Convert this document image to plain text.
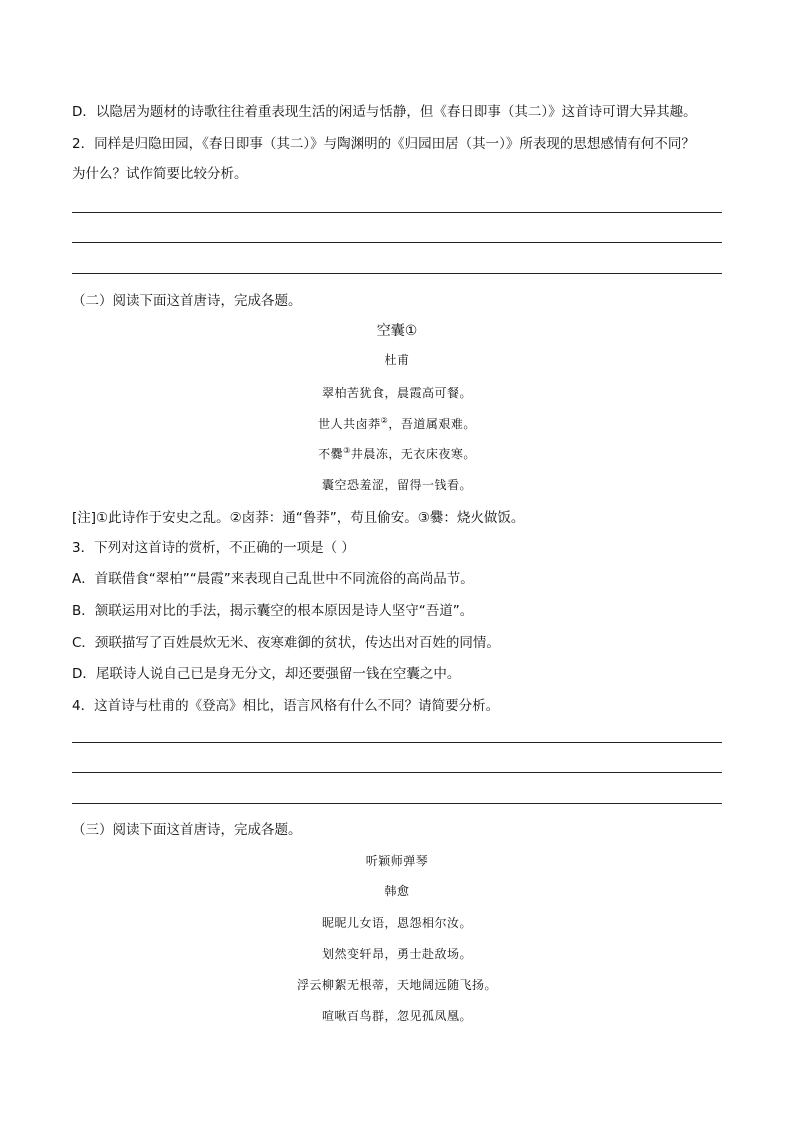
D．以隐居为题材的诗歌往往着重表现生活的闲适与恬静，但《春日即事（其二）》这首诗可谓大异其趣。
2．同样是归隐田园，《春日即事（其二）》与陶渊明的《归园田居（其一）》所表现的思想感情有何不同？
为什么？试作简要比较分析。
（二）阅读下面这首唐诗，完成各题。
空囊①
杜甫
翠柏苦犹食，晨霞高可餐。
世人共卤莽②，吾道属艰难。
不爨③井晨冻，无衣床夜寒。
囊空恐羞涩，留得一钱看。
[注]①此诗作于安史之乱。②卤莽：通“鲁莽”，苟且偷安。③爨：烧火做饭。
3．下列对这首诗的赏析，不正确的一项是（ ）
A．首联借食“翠柏”“晨霞”来表现自己乱世中不同流俗的高尚品节。
B．颔联运用对比的手法，揭示囊空的根本原因是诗人坚守“吾道”。
C．颈联描写了百姓晨炊无米、夜寒难御的贫状，传达出对百姓的同情。
D．尾联诗人说自己已是身无分文，却还要强留一钱在空囊之中。
4．这首诗与杜甫的《登高》相比，语言风格有什么不同？请简要分析。
（三）阅读下面这首唐诗，完成各题。
听颖师弹琴
韩愈
昵昵儿女语，恩怨相尔汝。
划然变轩昂，勇士赴敌场。
浮云柳絮无根蒂，天地阔远随飞扬。
喧啾百鸟群，忽见孤凤凰。
